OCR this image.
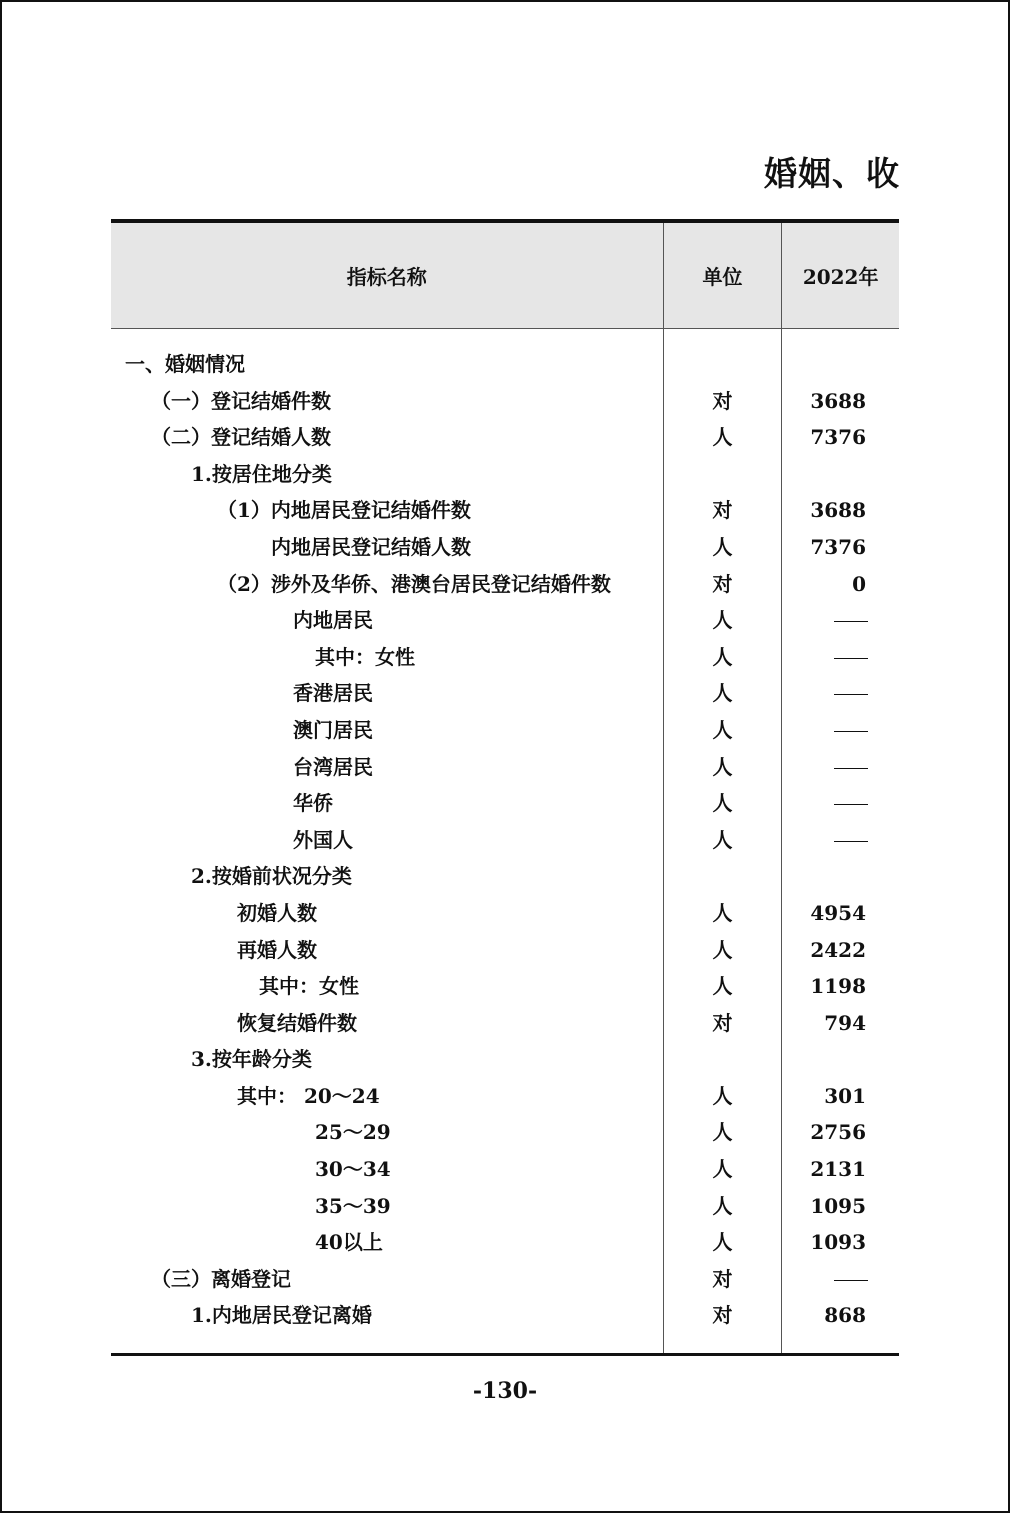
婚姻、收
指标名称	单位	2022年
一、婚姻情况
（一）登记结婚件数
（二）登记结婚人数
1.按居住地分类
（1）内地居民登记结婚件数
内地居民登记结婚人数
（2）涉外及华侨、港澳台居民登记结婚件数
内地居民
其中：女性
香港居民
澳门居民
台湾居民
华侨
外国人
2.按婚前状况分类
初婚人数
再婚人数
其中：女性
恢复结婚件数
3.按年龄分类
其中： 20～24
25～29
30～34
35～39
40以上
（三）离婚登记
1.内地居民登记离婚
对
人
对
人
对
人
人
人
人
人
人
人
人
人
人
对
人
人
人
人
人
对
对
3688
7376
3688
7376
0
4954
2422
1198
794
301
2756
2131
1095
1093
868
-130-
